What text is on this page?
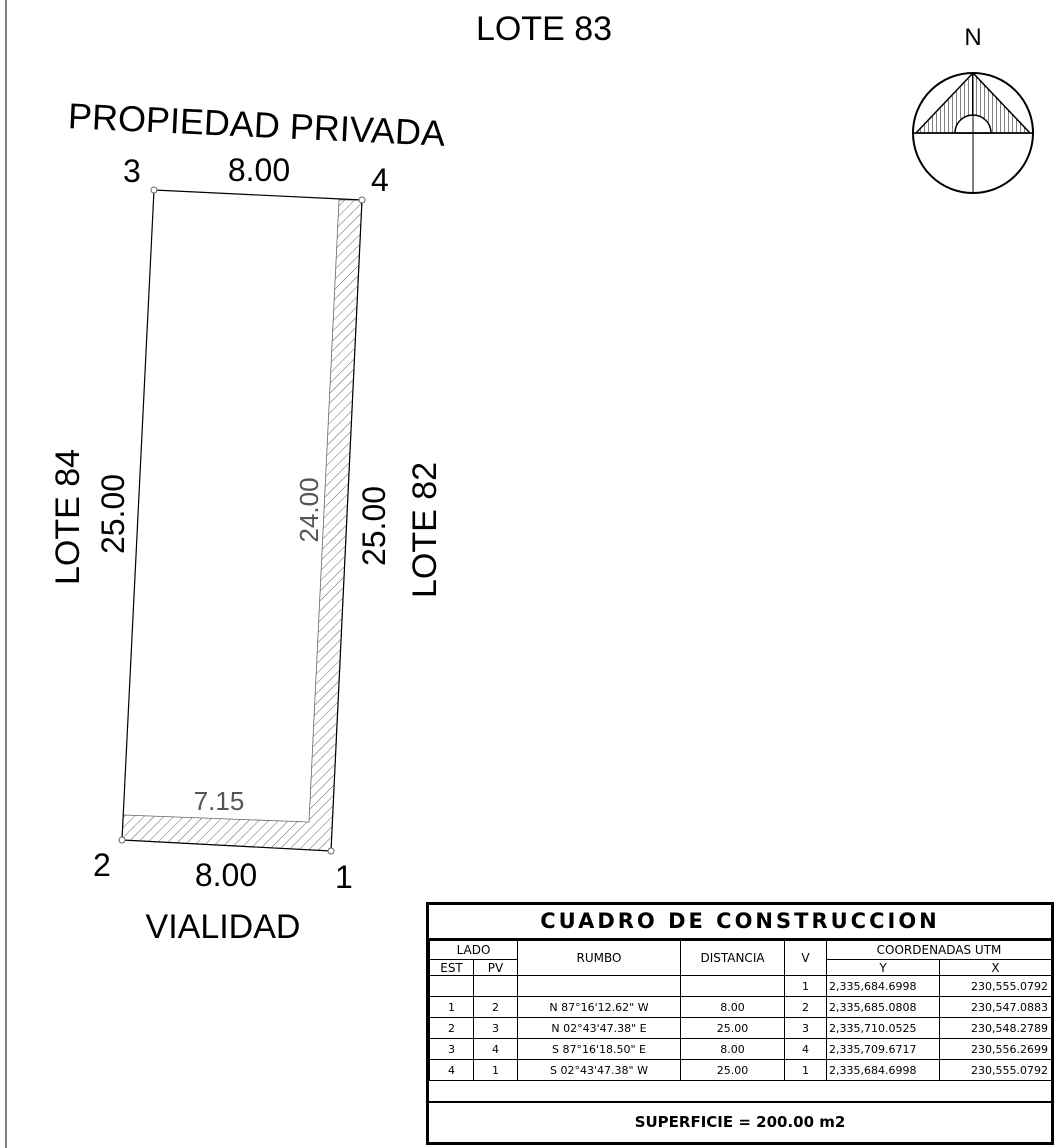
LOTE 83
PROPIEDAD PRIVADA
3	4
2	1
8.00
8.00
VIALIDAD
7.15
24.00
LOTE 84 25.00	25.00 LOTE 82
N
CUADRO DE CONSTRUCCION
LADO		RUMBO	DISTANCIA	V	COORDENADAS UTM	
EST	PV				Y	X
				1	2,335,684.6998	230,555.0792
1	2	N 87°16'12.62" W	8.00	2	2,335,685.0808	230,547.0883
2	3	N 02°43'47.38" E	25.00	3	2,335,710.0525	230,548.2789
3	4	S 87°16'18.50" E	8.00	4	2,335,709.6717	230,556.2699
4	1	S 02°43'47.38" W	25.00	1	2,335,684.6998	230,555.0792
SUPERFICIE = 200.00 m2
